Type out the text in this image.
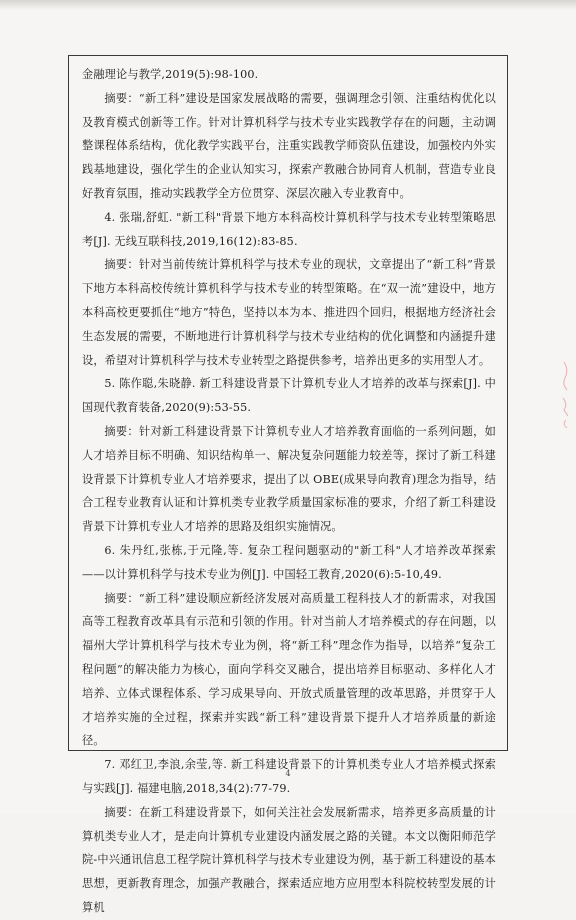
金融理论与教学,2019(5):98-100.

摘要：“新工科”建设是国家发展战略的需要，强调理念引领、注重结构优化以及教育模式创新等工作。针对计算机科学与技术专业实践教学存在的问题，主动调整课程体系结构，优化教学实践平台，注重实践教学师资队伍建设，加强校内外实践基地建设，强化学生的企业认知实习，探索产教融合协同育人机制，营造专业良好教育氛围，推动实践教学全方位贯穿、深层次融入专业教育中。

4. 张瑞,舒虹. "新工科"背景下地方本科高校计算机科学与技术专业转型策略思考[J]. 无线互联科技,2019,16(12):83-85.

摘要：针对当前传统计算机科学与技术专业的现状，文章提出了“新工科”背景下地方本科高校传统计算机科学与技术专业的转型策略。在“双一流”建设中，地方本科高校更要抓住“地方”特色，坚持以本为本、推进四个回归，根据地方经济社会生态发展的需要，不断地进行计算机科学与技术专业结构的优化调整和内涵提升建设，希望对计算机科学与技术专业转型之路提供参考，培养出更多的实用型人才。

5. 陈作聪,朱晓静. 新工科建设背景下计算机专业人才培养的改革与探索[J]. 中国现代教育装备,2020(9):53-55.

摘要：针对新工科建设背景下计算机专业人才培养教育面临的一系列问题，如人才培养目标不明确、知识结构单一、解决复杂问题能力较差等，探讨了新工科建设背景下计算机专业人才培养要求，提出了以 OBE(成果导向教育)理念为指导，结合工程专业教育认证和计算机类专业教学质量国家标准的要求，介绍了新工科建设背景下计算机专业人才培养的思路及组织实施情况。

6. 朱丹红,张栋,于元隆,等. 复杂工程问题驱动的"新工科"人才培养改革探索 ——以计算机科学与技术专业为例[J]. 中国轻工教育,2020(6):5-10,49.

摘要：“新工科”建设顺应新经济发展对高质量工程科技人才的新需求，对我国高等工程教育改革具有示范和引领的作用。针对当前人才培养模式的存在问题，以福州大学计算机科学与技术专业为例，将“新工科”理念作为指导，以培养“复杂工程问题”的解决能力为核心，面向学科交叉融合，提出培养目标驱动、多样化人才培养、立体式课程体系、学习成果导向、开放式质量管理的改革思路，并贯穿于人才培养实施的全过程，探索并实践“新工科”建设背景下提升人才培养质量的新途径。

7. 邓红卫,李浪,余莹,等. 新工科建设背景下的计算机类专业人才培养模式探索与实践[J]. 福建电脑,2018,34(2):77-79.

摘要：在新工科建设背景下，如何关注社会发展新需求，培养更多高质量的计算机类专业人才，是走向计算机专业建设内涵发展之路的关键。本文以衡阳师范学院-中兴通讯信息工程学院计算机科学与技术专业建设为例，基于新工科建设的基本思想，更新教育理念，加强产教融合，探索适应地方应用型本科院校转型发展的计算机

4
